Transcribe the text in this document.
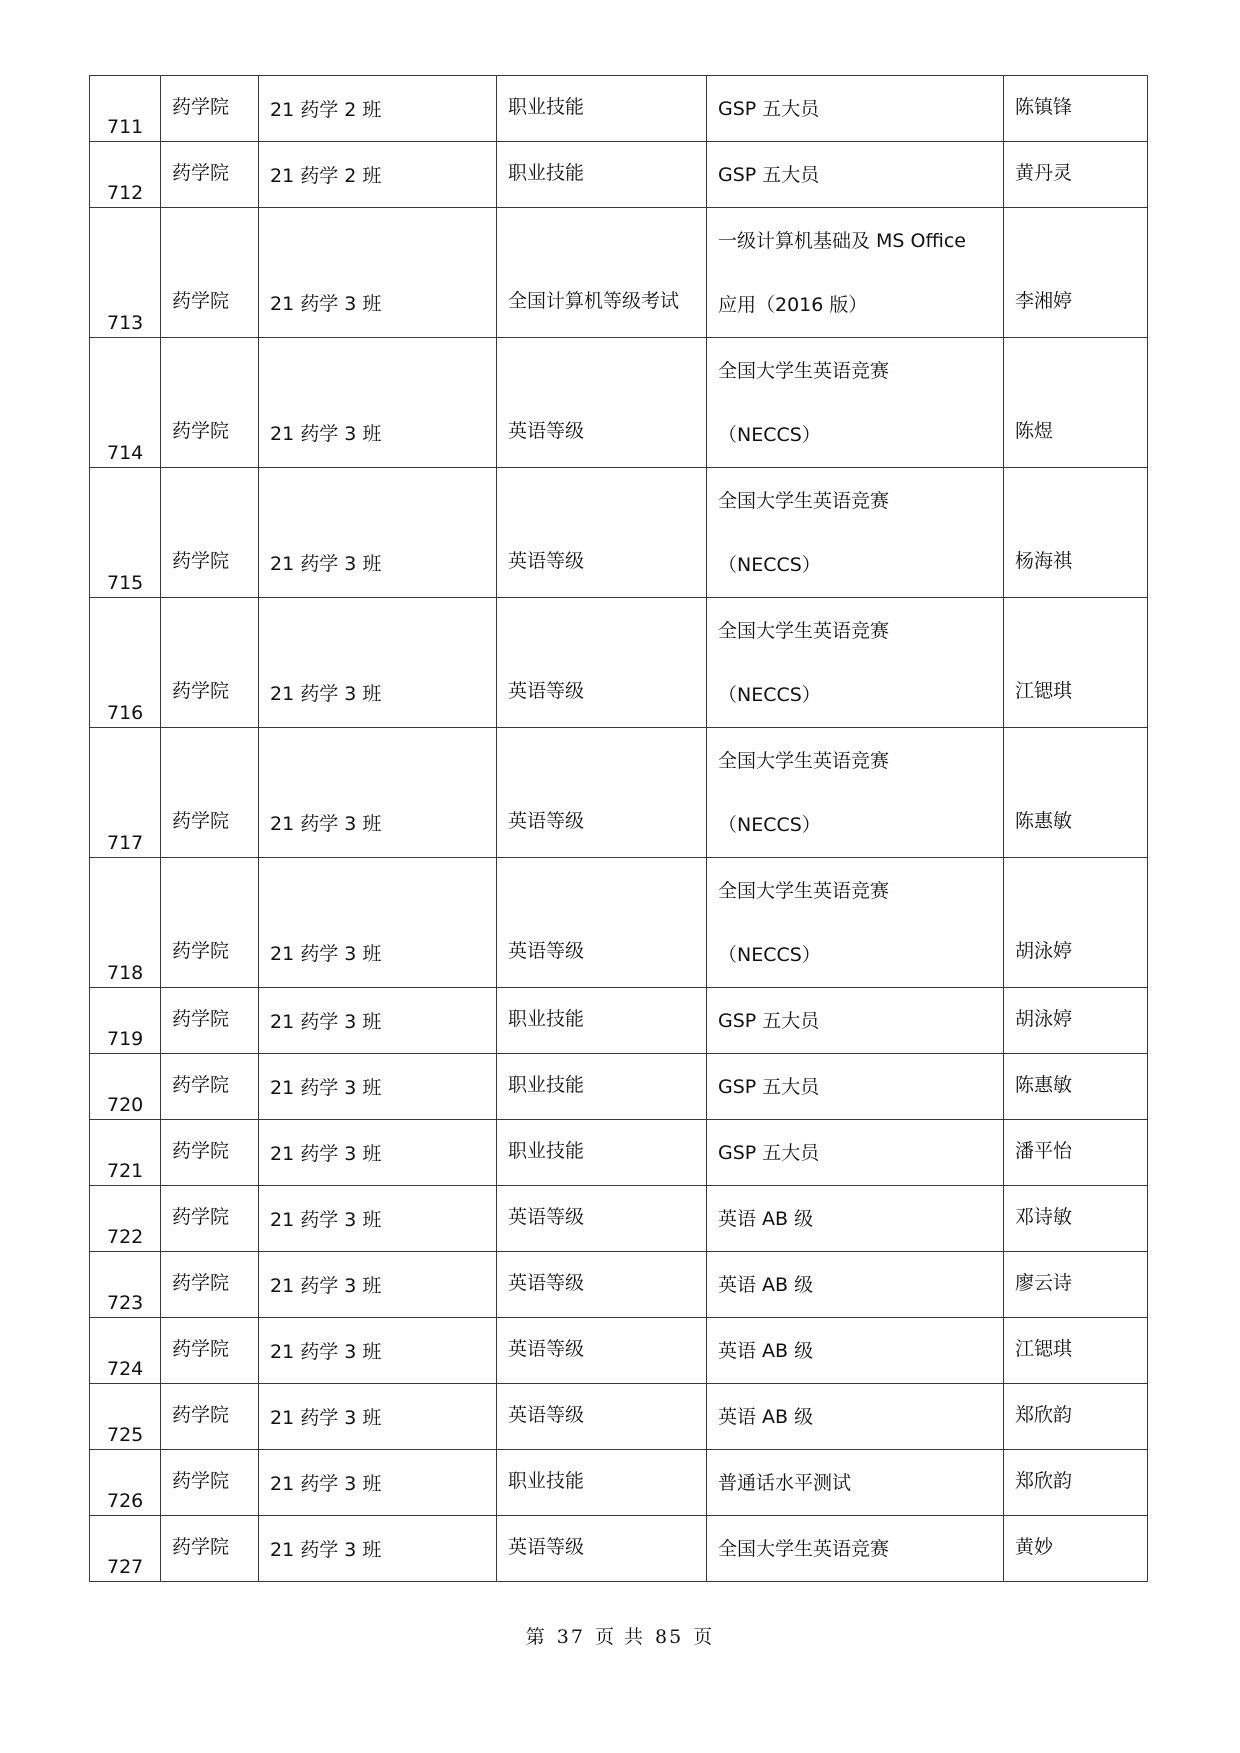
711	药学院	21 药学 2 班	职业技能	GSP 五大员	陈镇锋

712	药学院	21 药学 2 班	职业技能	GSP 五大员	黄丹灵

713	药学院	21 药学 3 班	全国计算机等级考试	一级计算机基础及 MS Office
应用（2016 版）	李湘婷

714	药学院	21 药学 3 班	英语等级	全国大学生英语竞赛
（NECCS）	陈煜

715	药学院	21 药学 3 班	英语等级	全国大学生英语竞赛
（NECCS）	杨海祺

716	药学院	21 药学 3 班	英语等级	全国大学生英语竞赛
（NECCS）	江锶琪

717	药学院	21 药学 3 班	英语等级	全国大学生英语竞赛
（NECCS）	陈惠敏

718	药学院	21 药学 3 班	英语等级	全国大学生英语竞赛
（NECCS）	胡泳婷

719	药学院	21 药学 3 班	职业技能	GSP 五大员	胡泳婷

720	药学院	21 药学 3 班	职业技能	GSP 五大员	陈惠敏

721	药学院	21 药学 3 班	职业技能	GSP 五大员	潘平怡

722	药学院	21 药学 3 班	英语等级	英语 AB 级	邓诗敏

723	药学院	21 药学 3 班	英语等级	英语 AB 级	廖云诗

724	药学院	21 药学 3 班	英语等级	英语 AB 级	江锶琪

725	药学院	21 药学 3 班	英语等级	英语 AB 级	郑欣韵

726	药学院	21 药学 3 班	职业技能	普通话水平测试	郑欣韵

727	药学院	21 药学 3 班	英语等级	全国大学生英语竞赛	黄妙
第 37 页 共 85 页
